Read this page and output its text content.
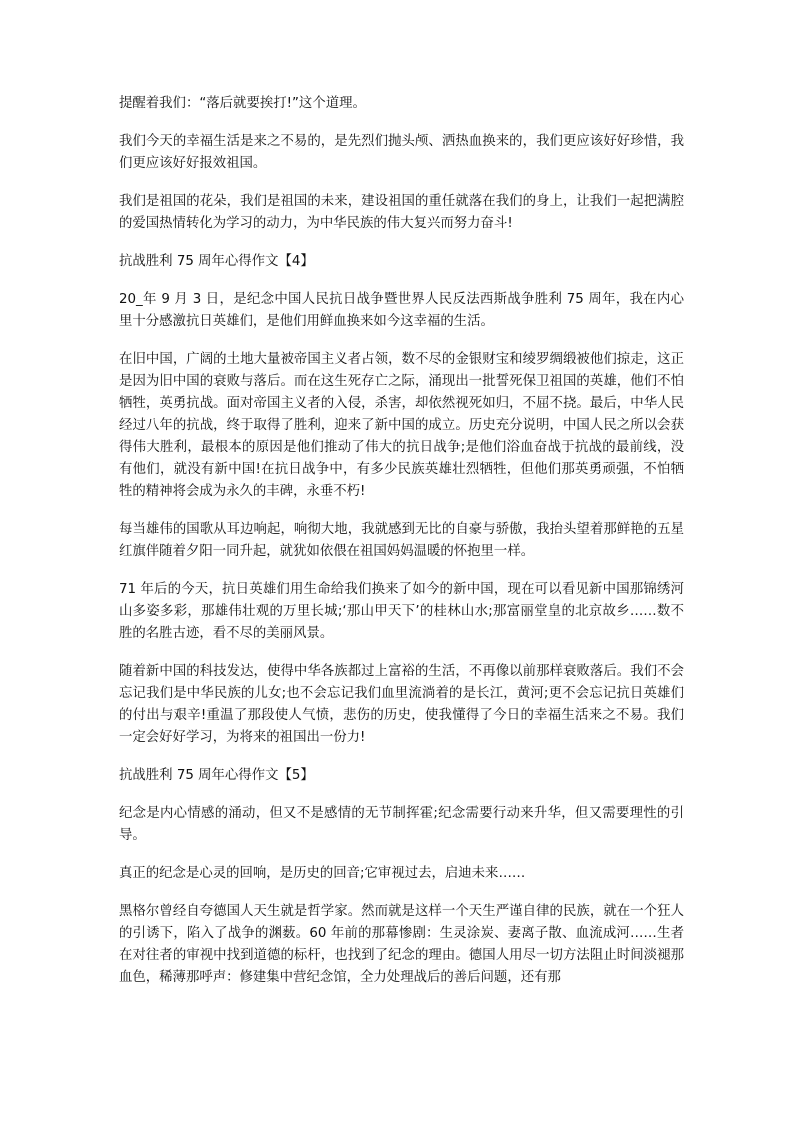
提醒着我们：“落后就要挨打!”这个道理。

我们今天的幸福生活是来之不易的，是先烈们抛头颅、洒热血换来的，我们更应该好好珍惜，我们更应该好好报效祖国。

我们是祖国的花朵，我们是祖国的未来，建设祖国的重任就落在我们的身上，让我们一起把满腔的爱国热情转化为学习的动力，为中华民族的伟大复兴而努力奋斗!

抗战胜利 75 周年心得作文【4】

20_年 9 月 3 日，是纪念中国人民抗日战争暨世界人民反法西斯战争胜利 75 周年，我在内心里十分感激抗日英雄们，是他们用鲜血换来如今这幸福的生活。

在旧中国，广阔的土地大量被帝国主义者占领，数不尽的金银财宝和绫罗绸缎被他们掠走，这正是因为旧中国的衰败与落后。而在这生死存亡之际，涌现出一批誓死保卫祖国的英雄，他们不怕牺牲，英勇抗战。面对帝国主义者的入侵，杀害，却依然视死如归，不屈不挠。最后，中华人民经过八年的抗战，终于取得了胜利，迎来了新中国的成立。历史充分说明，中国人民之所以会获得伟大胜利，最根本的原因是他们推动了伟大的抗日战争;是他们浴血奋战于抗战的最前线，没有他们，就没有新中国!在抗日战争中，有多少民族英雄壮烈牺牲，但他们那英勇顽强，不怕牺牲的精神将会成为永久的丰碑，永垂不朽!

每当雄伟的国歌从耳边响起，响彻大地，我就感到无比的自豪与骄傲，我抬头望着那鲜艳的五星红旗伴随着夕阳一同升起，就犹如依偎在祖国妈妈温暖的怀抱里一样。

71 年后的今天，抗日英雄们用生命给我们换来了如今的新中国，现在可以看见新中国那锦绣河山多姿多彩，那雄伟壮观的万里长城;‘那山甲天下’的桂林山水;那富丽堂皇的北京故乡……数不胜的名胜古迹，看不尽的美丽风景。

随着新中国的科技发达，使得中华各族都过上富裕的生活，不再像以前那样衰败落后。我们不会忘记我们是中华民族的儿女;也不会忘记我们血里流淌着的是长江，黄河;更不会忘记抗日英雄们的付出与艰辛!重温了那段使人气愤，悲伤的历史，使我懂得了今日的幸福生活来之不易。我们一定会好好学习，为将来的祖国出一份力!

抗战胜利 75 周年心得作文【5】

纪念是内心情感的涌动，但又不是感情的无节制挥霍;纪念需要行动来升华，但又需要理性的引导。

真正的纪念是心灵的回响，是历史的回音;它审视过去，启迪未来……

黑格尔曾经自夸德国人天生就是哲学家。然而就是这样一个天生严谨自律的民族，就在一个狂人的引诱下，陷入了战争的渊薮。60 年前的那幕惨剧：生灵涂炭、妻离子散、血流成河……生者在对往者的审视中找到道德的标杆，也找到了纪念的理由。德国人用尽一切方法阻止时间淡褪那血色，稀薄那呼声：修建集中营纪念馆，全力处理战后的善后问题，还有那
